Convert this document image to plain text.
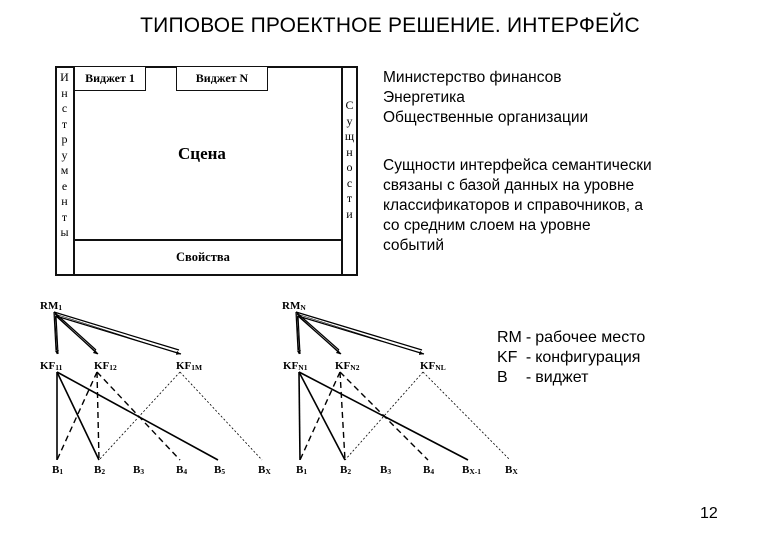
ТИПОВОЕ ПРОЕКТНОЕ РЕШЕНИЕ. ИНТЕРФЕЙС
И
н
с
т
р
у
м
е
н
т
ы
С
у
щ
н
о
с
т
и
Виджет 1	Виджет N
Сцена
Свойства
Министерство финансов
Энергетика
Общественные организации
Сущности интерфейса семантически
связаны с базой данных на уровне
классификаторов и справочников, а
со средним слоем на уровне
событий
RM1
KF11	KF12	KF1M
B1	B2	B3	B4 B5	BX
RMN
KFN1	KFN2	KFNL
B1	B2	B3	B4	BX-1 BX
RM	-	рабочее место
KF	-	конфигурация
B	-	виджет
12
